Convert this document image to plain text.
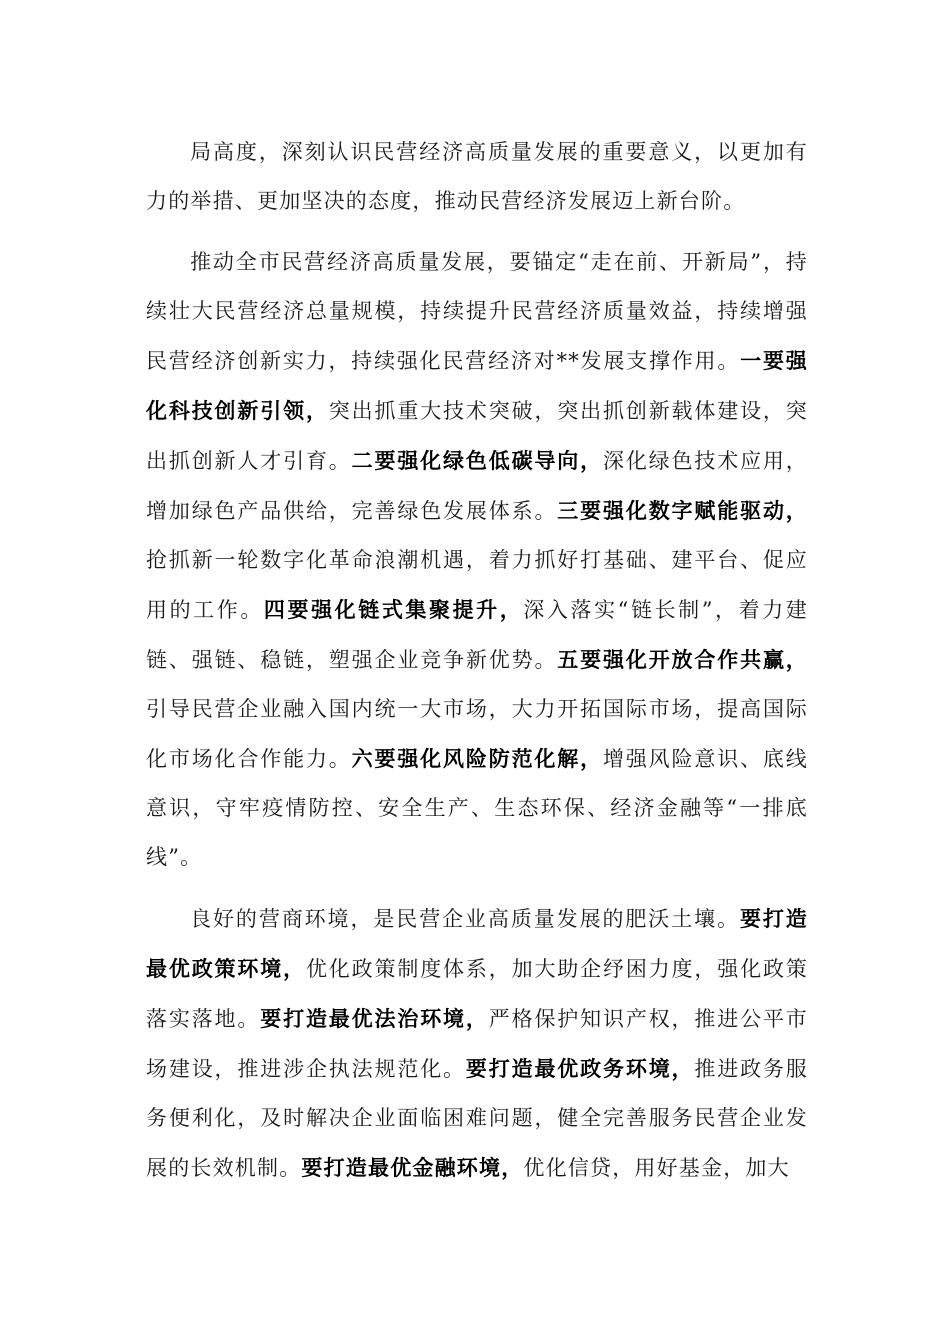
局高度，深刻认识民营经济高质量发展的重要意义，以更加有力的举措、更加坚决的态度，推动民营经济发展迈上新台阶。

推动全市民营经济高质量发展，要锚定“走在前、开新局”，持续壮大民营经济总量规模，持续提升民营经济质量效益，持续增强民营经济创新实力，持续强化民营经济对**发展支撑作用。一要强化科技创新引领，突出抓重大技术突破，突出抓创新载体建设，突出抓创新人才引育。二要强化绿色低碳导向，深化绿色技术应用，增加绿色产品供给，完善绿色发展体系。三要强化数字赋能驱动，抢抓新一轮数字化革命浪潮机遇，着力抓好打基础、建平台、促应用的工作。四要强化链式集聚提升，深入落实“链长制”，着力建链、强链、稳链，塑强企业竞争新优势。五要强化开放合作共赢，引导民营企业融入国内统一大市场，大力开拓国际市场，提高国际化市场化合作能力。六要强化风险防范化解，增强风险意识、底线意识，守牢疫情防控、安全生产、生态环保、经济金融等“一排底线”。

良好的营商环境，是民营企业高质量发展的肥沃土壤。要打造最优政策环境，优化政策制度体系，加大助企纾困力度，强化政策落实落地。要打造最优法治环境，严格保护知识产权，推进公平市场建设，推进涉企执法规范化。要打造最优政务环境，推进政务服务便利化，及时解决企业面临困难问题，健全完善服务民营企业发展的长效机制。要打造最优金融环境，优化信贷，用好基金，加大
